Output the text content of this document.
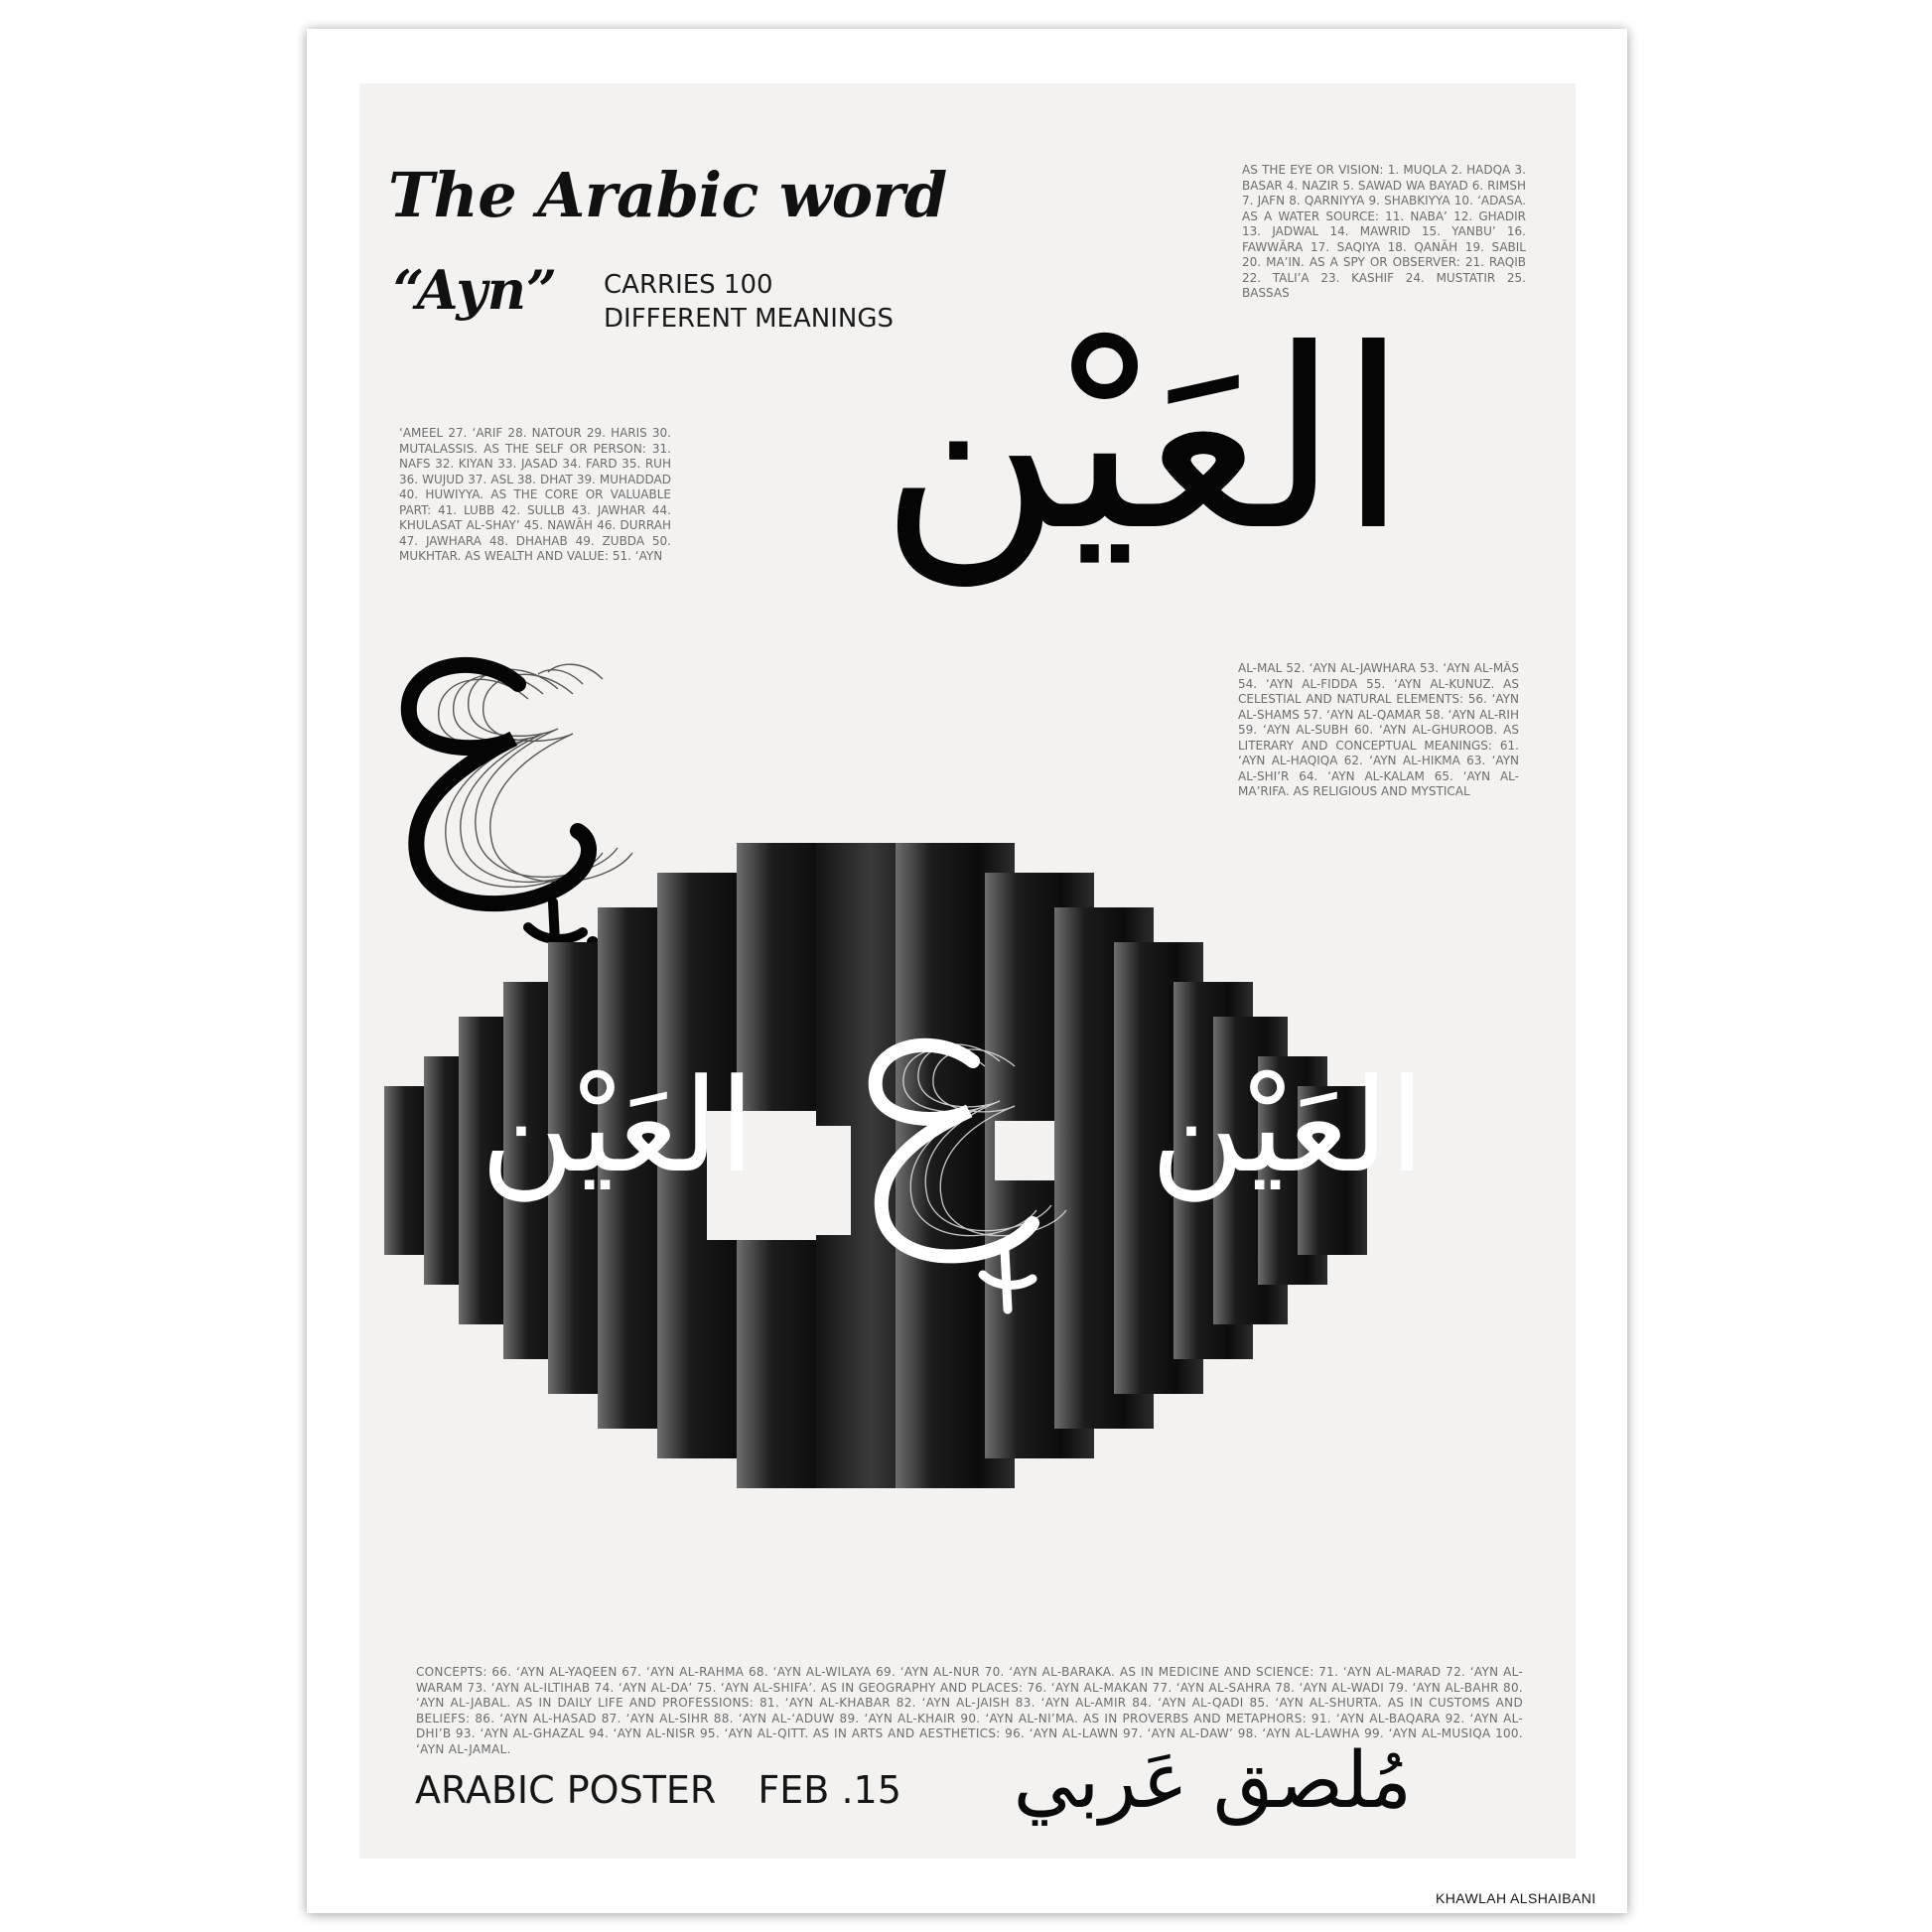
The Arabic word
“Ayn” CARRIES 100
DIFFERENT MEANINGS
AS THE EYE OR VISION: 1. MUQLA 2. HADQA 3. BASAR 4. NAZIR 5. SAWAD WA BAYAD 6. RIMSH 7. JAFN 8. QARNIYYA 9. SHABKIYYA 10. ‘ADASA. AS A WATER SOURCE: 11. NABA’ 12. GHADIR 13. JADWAL 14. MAWRID 15. YANBU’ 16. FAWWĀRA 17. SAQIYA 18. QANĀH 19. SABIL 20. MA’IN. AS A SPY OR OBSERVER: 21. RAQIB 22. TALI’A 23. KASHIF 24. MUSTATIR 25. BASSAS
‘AMEEL 27. ‘ARIF 28. NATOUR 29. HARIS 30. MUTALASSIS. AS THE SELF OR PERSON: 31. NAFS 32. KIYAN 33. JASAD 34. FARD 35. RUH 36. WUJUD 37. ASL 38. DHAT 39. MUHADDAD 40. HUWIYYA. AS THE CORE OR VALUABLE PART: 41. LUBB 42. SULLB 43. JAWHAR 44. KHULASAT AL-SHAY’ 45. NAWĀH 46. DURRAH 47. JAWHARA 48. DHAHAB 49. ZUBDA 50. MUKHTAR. AS WEALTH AND VALUE: 51. ‘AYN
AL-MAL 52. ‘AYN AL-JAWHARA 53. ‘AYN AL-MĀS 54. ‘AYN AL-FIDDA 55. ‘AYN AL-KUNUZ. AS CELESTIAL AND NATURAL ELEMENTS: 56. ‘AYN AL-SHAMS 57. ‘AYN AL-QAMAR 58. ‘AYN AL-RIH 59. ‘AYN AL-SUBH 60. ‘AYN AL-GHUROOB. AS LITERARY AND CONCEPTUAL MEANINGS: 61. ‘AYN AL-HAQIQA 62. ‘AYN AL-HIKMA 63. ‘AYN AL-SHI’R 64. ‘AYN AL-KALAM 65. ‘AYN AL-MA’RIFA. AS RELIGIOUS AND MYSTICAL
العَيْن
العَيْن	العَيْن
CONCEPTS: 66. ‘AYN AL-YAQEEN 67. ‘AYN AL-RAHMA 68. ‘AYN AL-WILAYA 69. ‘AYN AL-NUR 70. ‘AYN AL-BARAKA. AS IN MEDICINE AND SCIENCE: 71. ‘AYN AL-MARAD 72. ‘AYN AL-WARAM 73. ‘AYN AL-ILTIHAB 74. ‘AYN AL-DA’ 75. ‘AYN AL-SHIFA’. AS IN GEOGRAPHY AND PLACES: 76. ‘AYN AL-MAKAN 77. ‘AYN AL-SAHRA 78. ‘AYN AL-WADI 79. ‘AYN AL-BAHR 80. ‘AYN AL-JABAL. AS IN DAILY LIFE AND PROFESSIONS: 81. ‘AYN AL-KHABAR 82. ‘AYN AL-JAISH 83. ‘AYN AL-AMIR 84. ‘AYN AL-QADI 85. ‘AYN AL-SHURTA. AS IN CUSTOMS AND BELIEFS: 86. ‘AYN AL-HASAD 87. ‘AYN AL-SIHR 88. ‘AYN AL-‘ADUW 89. ‘AYN AL-KHAIR 90. ‘AYN AL-NI’MA. AS IN PROVERBS AND METAPHORS: 91. ‘AYN AL-BAQARA 92. ‘AYN AL-DHI’B 93. ‘AYN AL-GHAZAL 94. ‘AYN AL-NISR 95. ‘AYN AL-QITT. AS IN ARTS AND AESTHETICS: 96. ‘AYN AL-LAWN 97. ‘AYN AL-DAW’ 98. ‘AYN AL-LAWHA 99. ‘AYN AL-MUSIQA 100. ‘AYN AL-JAMAL.
ARABIC POSTER FEB .15	مُلصق عَربي
KHAWLAH ALSHAIBANI
